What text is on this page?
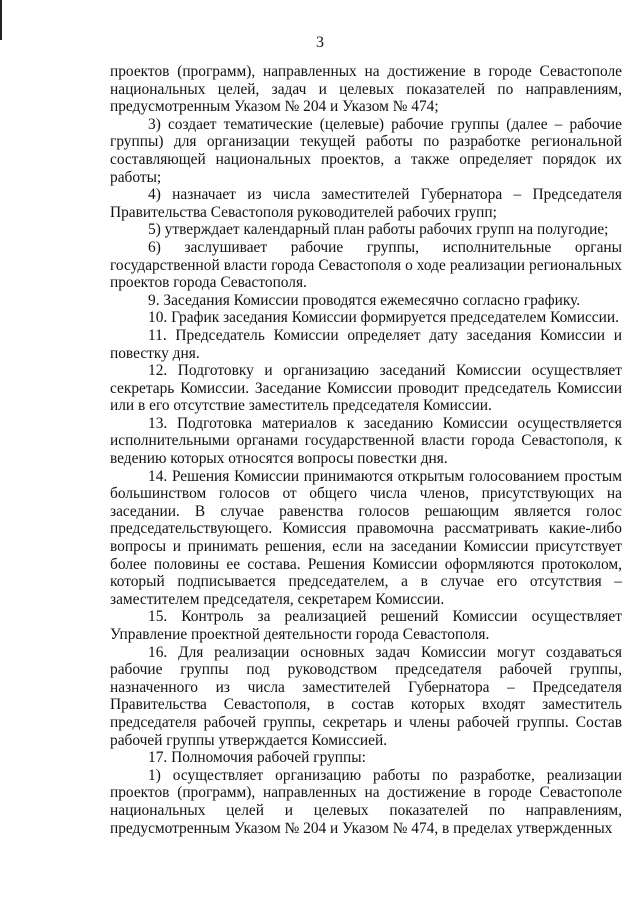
3

проектов (программ), направленных на достижение в городе Севастополе национальных целей, задач и целевых показателей по направлениям, предусмотренным Указом № 204 и Указом № 474;

3) создает тематические (целевые) рабочие группы (далее – рабочие группы) для организации текущей работы по разработке региональной составляющей национальных проектов, а также определяет порядок их работы;

4) назначает из числа заместителей Губернатора – Председателя Правительства Севастополя руководителей рабочих групп;

5) утверждает календарный план работы рабочих групп на полугодие;

6) заслушивает рабочие группы, исполнительные органы государственной власти города Севастополя о ходе реализации региональных проектов города Севастополя.

9. Заседания Комиссии проводятся ежемесячно согласно графику.

10. График заседания Комиссии формируется председателем Комиссии.

11. Председатель Комиссии определяет дату заседания Комиссии и повестку дня.

12. Подготовку и организацию заседаний Комиссии осуществляет секретарь Комиссии. Заседание Комиссии проводит председатель Комиссии или в его отсутствие заместитель председателя Комиссии.

13. Подготовка материалов к заседанию Комиссии осуществляется исполнительными органами государственной власти города Севастополя, к ведению которых относятся вопросы повестки дня.

14. Решения Комиссии принимаются открытым голосованием простым большинством голосов от общего числа членов, присутствующих на заседании. В случае равенства голосов решающим является голос председательствующего. Комиссия правомочна рассматривать какие-либо вопросы и принимать решения, если на заседании Комиссии присутствует более половины ее состава. Решения Комиссии оформляются протоколом, который подписывается председателем, а в случае его отсутствия – заместителем председателя, секретарем Комиссии.

15. Контроль за реализацией решений Комиссии осуществляет Управление проектной деятельности города Севастополя.

16. Для реализации основных задач Комиссии могут создаваться рабочие группы под руководством председателя рабочей группы, назначенного из числа заместителей Губернатора – Председателя Правительства Севастополя, в состав которых входят заместитель председателя рабочей группы, секретарь и члены рабочей группы. Состав рабочей группы утверждается Комиссией.

17. Полномочия рабочей группы:

1) осуществляет организацию работы по разработке, реализации проектов (программ), направленных на достижение в городе Севастополе национальных целей и целевых показателей по направлениям, предусмотренным Указом № 204 и Указом № 474, в пределах утвержденных
